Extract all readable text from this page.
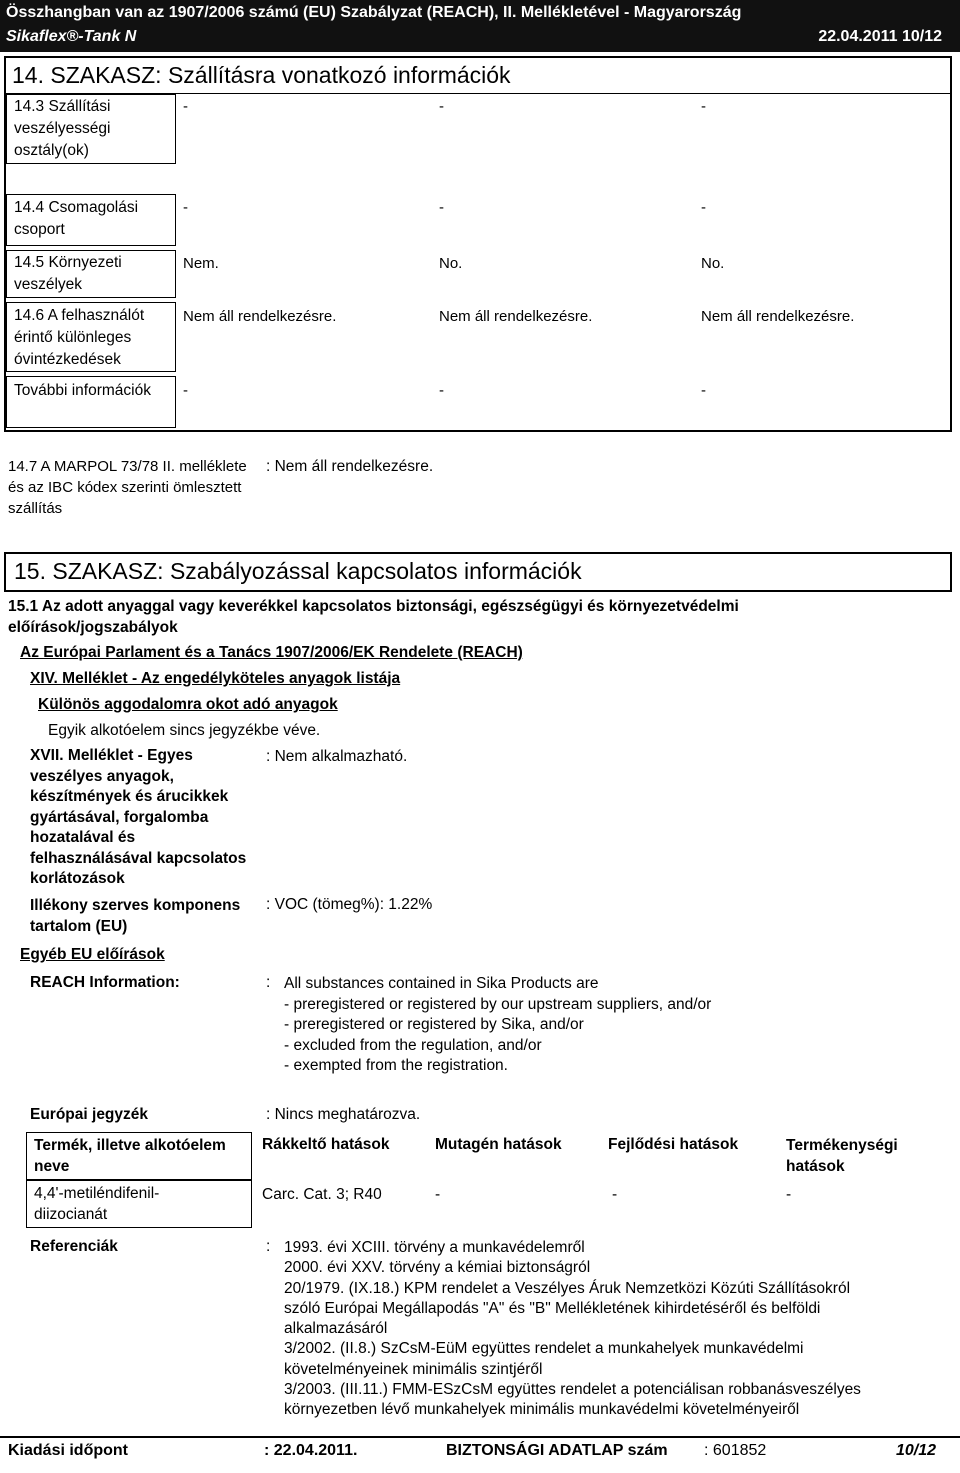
Összhangban van az 1907/2006 számú (EU) Szabályzat (REACH), II. Mellékletével - Magyarország
Sikaflex®-Tank N	22.04.2011 10/12
14. SZAKASZ: Szállításra vonatkozó információk
14.3 Szállítási veszélyességi osztály(ok)
-	-	-
14.4 Csomagolási csoport
-	-	-
14.5 Környezeti veszélyek
Nem.	No.	No.
14.6 A felhasználót érintő különleges óvintézkedések
Nem áll rendelkezésre.	Nem áll rendelkezésre.	Nem áll rendelkezésre.
További információk	-	-	-
14.7 A MARPOL 73/78 II. melléklete és az IBC kódex szerinti ömlesztett szállítás
: Nem áll rendelkezésre.
15. SZAKASZ: Szabályozással kapcsolatos információk
15.1 Az adott anyaggal vagy keverékkel kapcsolatos biztonsági, egészségügyi és környezetvédelmi előírások/jogszabályok
Az Európai Parlament és a Tanács 1907/2006/EK Rendelete (REACH)
XIV. Melléklet - Az engedélyköteles anyagok listája
Különös aggodalomra okot adó anyagok
Egyik alkotóelem sincs jegyzékbe véve.
XVII. Melléklet - Egyes veszélyes anyagok, készítmények és árucikkek gyártásával, forgalomba hozatalával és felhasználásával kapcsolatos korlátozások
: Nem alkalmazható.
Illékony szerves komponens tartalom (EU)
: VOC (tömeg%): 1.22%
Egyéb EU előírások
REACH Information:	: All substances contained in Sika Products are
- preregistered or registered by our upstream suppliers, and/or
- preregistered or registered by Sika, and/or
- excluded from the regulation, and/or
- exempted from the registration.
Európai jegyzék	: Nincs meghatározva.
Termék, illetve alkotóelem neve
Rákkeltő hatások	Mutagén hatások	Fejlődési hatások	Termékenységi hatások
4,4'-metiléndifenil-diizocianát
Carc. Cat. 3; R40	-	-	-
Referenciák	: 1993. évi XCIII. törvény a munkavédelemről
2000. évi XXV. törvény a kémiai biztonságról
20/1979. (IX.18.) KPM rendelet a Veszélyes Áruk Nemzetközi Közúti Szállításokról
szóló Európai Megállapodás "A" és "B" Mellékletének kihirdetéséről és belföldi
alkalmazásáról
3/2002. (II.8.) SzCsM-EüM együttes rendelet a munkahelyek munkavédelmi
követelményeinek minimális szintjéről
3/2003. (III.11.) FMM-ESzCsM együttes rendelet a potenciálisan robbanásveszélyes
környezetben lévő munkahelyek minimális munkavédelmi követelményeiről
Kiadási időpont	: 22.04.2011.	BIZTONSÁGI ADATLAP szám : 601852	10/12
